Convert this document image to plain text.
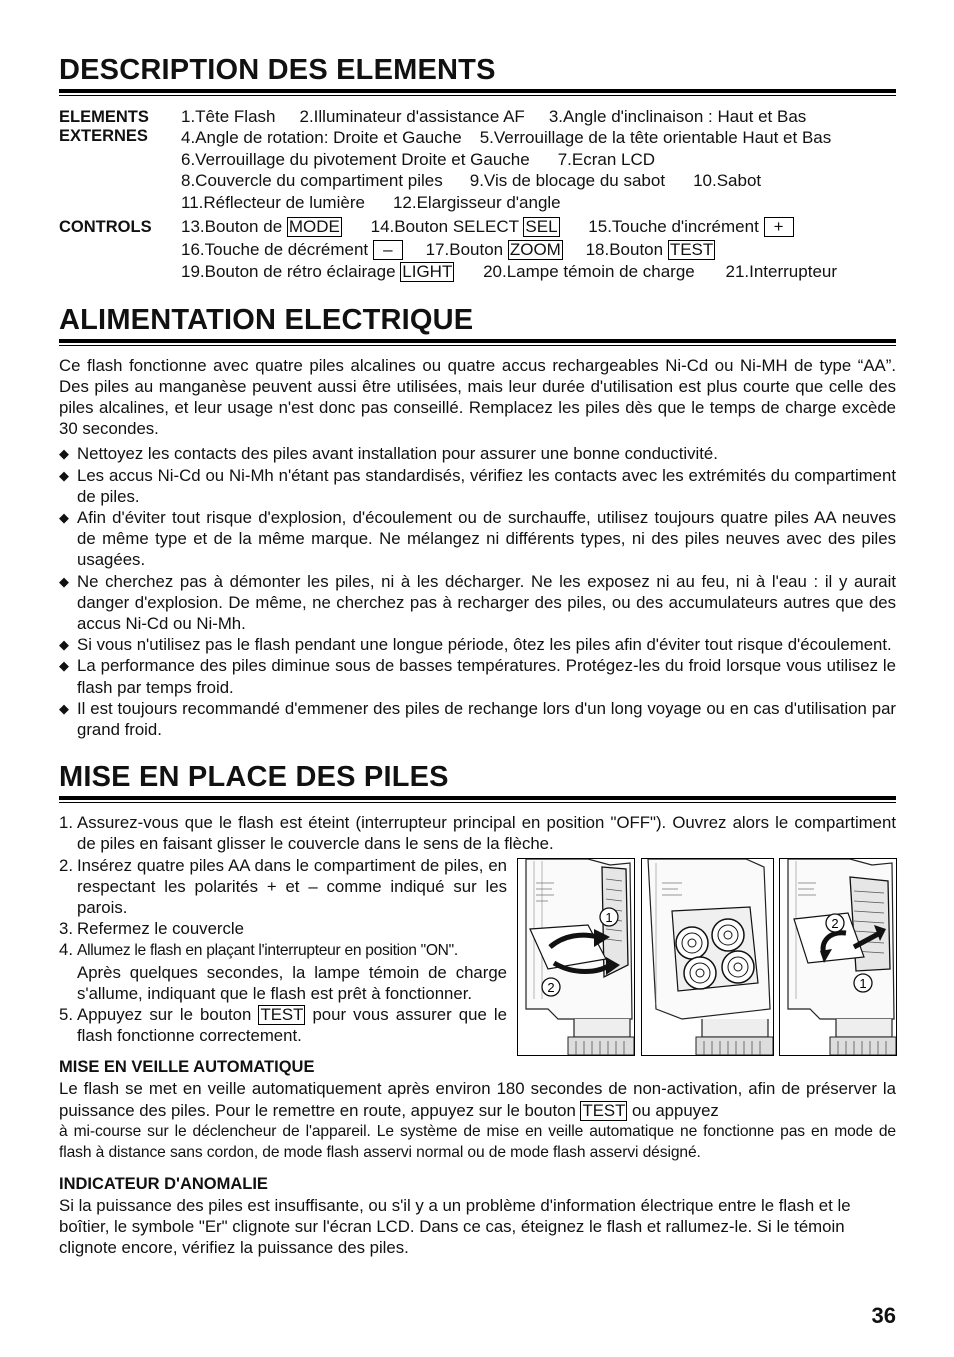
DESCRIPTION DES ELEMENTS
ELEMENTS
EXTERNES
1.Tête Flash 2.Illuminateur d'assistance AF 3.Angle d'inclinaison : Haut et Bas
4.Angle de rotation: Droite et Gauche 5.Verrouillage de la tête orientable Haut et Bas
6.Verrouillage du pivotement Droite et Gauche 7.Ecran LCD
8.Couvercle du compartiment piles 9.Vis de blocage du sabot 10.Sabot
11.Réflecteur de lumière 12.Elargisseur d'angle
CONTROLS	13.Bouton de MODE 14.Bouton SELECT SEL 15.Touche d'incrément +
16.Touche de décrément – 17.Bouton ZOOM 18.Bouton TEST
19.Bouton de rétro éclairage LIGHT 20.Lampe témoin de charge 21.Interrupteur
ALIMENTATION ELECTRIQUE

Ce flash fonctionne avec quatre piles alcalines ou quatre accus rechargeables Ni-Cd ou Ni-MH de type “AA”. Des piles au manganèse peuvent aussi être utilisées, mais leur durée d'utilisation est plus courte que celle des piles alcalines, et leur usage n'est donc pas conseillé. Remplacez les piles dès que le temps de charge excède 30 secondes.

◆ Nettoyez les contacts des piles avant installation pour assurer une bonne conductivité.
◆ Les accus Ni-Cd ou Ni-Mh n'étant pas standardisés, vérifiez les contacts avec les extrémités du compartiment de piles.
◆ Afin d'éviter tout risque d'explosion, d'écoulement ou de surchauffe, utilisez toujours quatre piles AA neuves de même type et de la même marque. Ne mélangez ni différents types, ni des piles neuves avec des piles usagées.
◆ Ne cherchez pas à démonter les piles, ni à les décharger. Ne les exposez ni au feu, ni à l'eau : il y aurait danger d'explosion. De même, ne cherchez pas à recharger des piles, ou des accumulateurs autres que des accus Ni-Cd ou Ni-Mh.
◆ Si vous n'utilisez pas le flash pendant une longue période, ôtez les piles afin d'éviter tout risque d'écoulement.
◆ La performance des piles diminue sous de basses températures. Protégez-les du froid lorsque vous utilisez le flash par temps froid.
◆ Il est toujours recommandé d'emmener des piles de rechange lors d'un long voyage ou en cas d'utilisation par grand froid.
MISE EN PLACE DES PILES
1. Assurez-vous que le flash est éteint (interrupteur principal en position "OFF"). Ouvrez alors le compartiment de piles en faisant glisser le couvercle dans le sens de la flèche.
2. Insérez quatre piles AA dans le compartiment de piles, en respectant les polarités + et – comme indiqué sur les parois.
3. Refermez le couvercle
4. Allumez le flash en plaçant l'interrupteur en position "ON".
Après quelques secondes, la lampe témoin de charge s'allume, indiquant que le flash est prêt à fonctionner.
5. Appuyez sur le bouton TEST pour vous assurer que le flash fonctionne correctement.
1
2
2
1
MISE EN VEILLE AUTOMATIQUE

Le flash se met en veille automatiquement après environ 180 secondes de non-activation, afin de préserver la puissance des piles. Pour le remettre en route, appuyez sur le bouton TEST ou appuyez

à mi-course sur le déclencheur de l'appareil. Le système de mise en veille automatique ne fonctionne pas en mode de flash à distance sans cordon, de mode flash asservi normal ou de mode flash asservi désigné.

INDICATEUR D'ANOMALIE

Si la puissance des piles est insuffisante, ou s'il y a un problème d'information électrique entre le flash et le boîtier, le symbole "Er" clignote sur l'écran LCD. Dans ce cas, éteignez le flash et rallumez-le. Si le témoin clignote encore, vérifiez la puissance des piles.

36
